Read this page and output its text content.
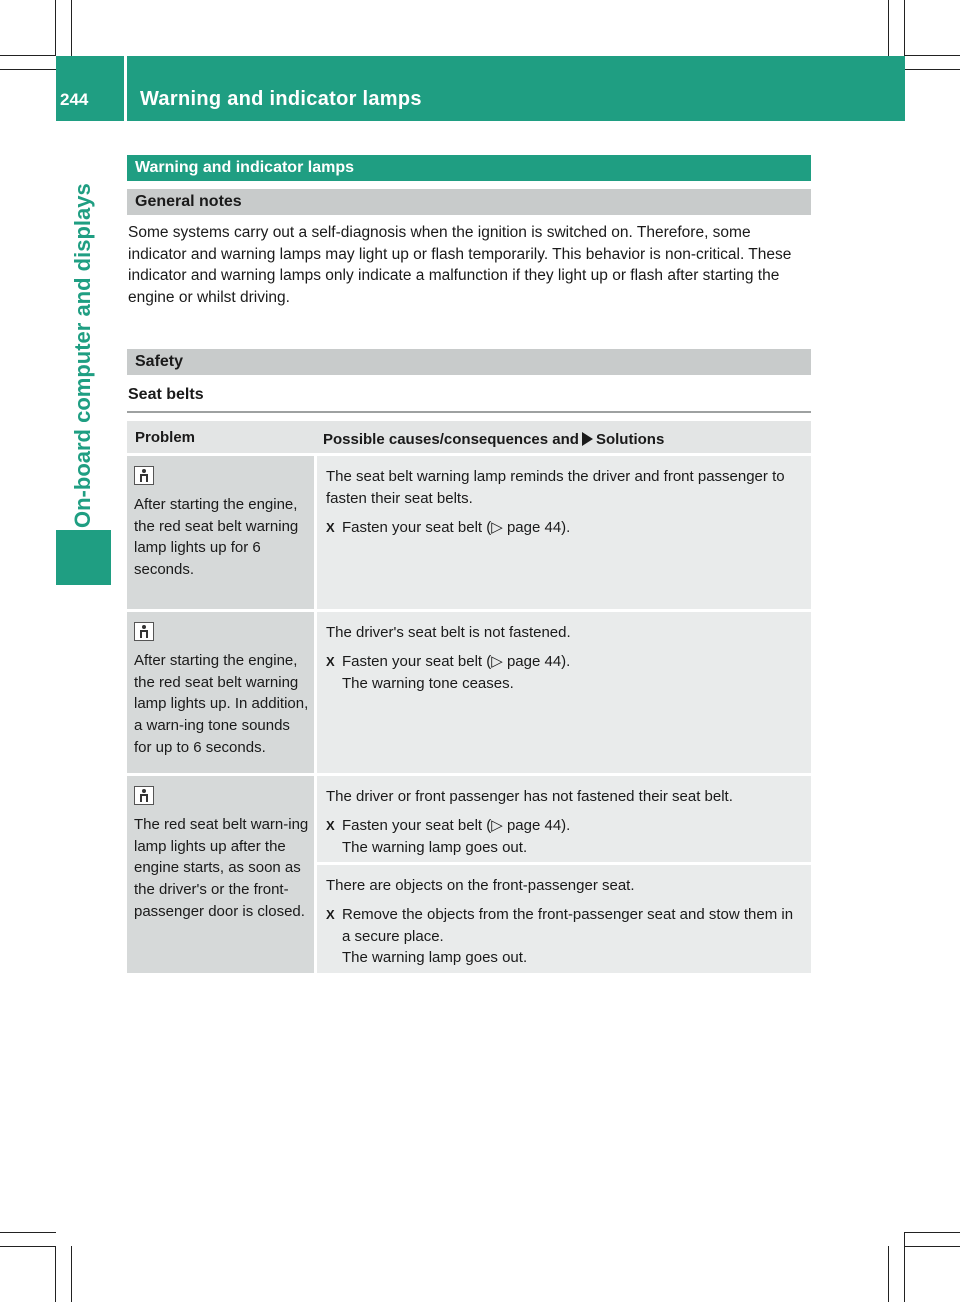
244	Warning and indicator lamps
On-board computer and displays
Warning and indicator lamps
General notes

Some systems carry out a self-diagnosis when the ignition is switched on. Therefore, some indicator and warning lamps may light up or flash temporarily. This behavior is non-critical. These indicator and warning lamps only indicate a malfunction if they light up or flash after starting the engine or whilst driving.

Safety
Seat belts
Problem	Possible causes/consequences and Solutions

After starting the engine, the red seat belt warning lamp lights up for 6 seconds.

The seat belt warning lamp reminds the driver and front passenger to fasten their seat belts.

X Fasten your seat belt (▷ page 44).

After starting the engine, the red seat belt warning lamp lights up. In addition, a warn-ing tone sounds for up to 6 seconds.

The driver's seat belt is not fastened.

X Fasten your seat belt (▷ page 44).
The warning tone ceases.

The red seat belt warn-ing lamp lights up after the engine starts, as soon as the driver's or the front-passenger door is closed.

The driver or front passenger has not fastened their seat belt.

X Fasten your seat belt (▷ page 44).
The warning lamp goes out.

There are objects on the front-passenger seat.

X Remove the objects from the front-passenger seat and stow them in a secure place.
The warning lamp goes out.
